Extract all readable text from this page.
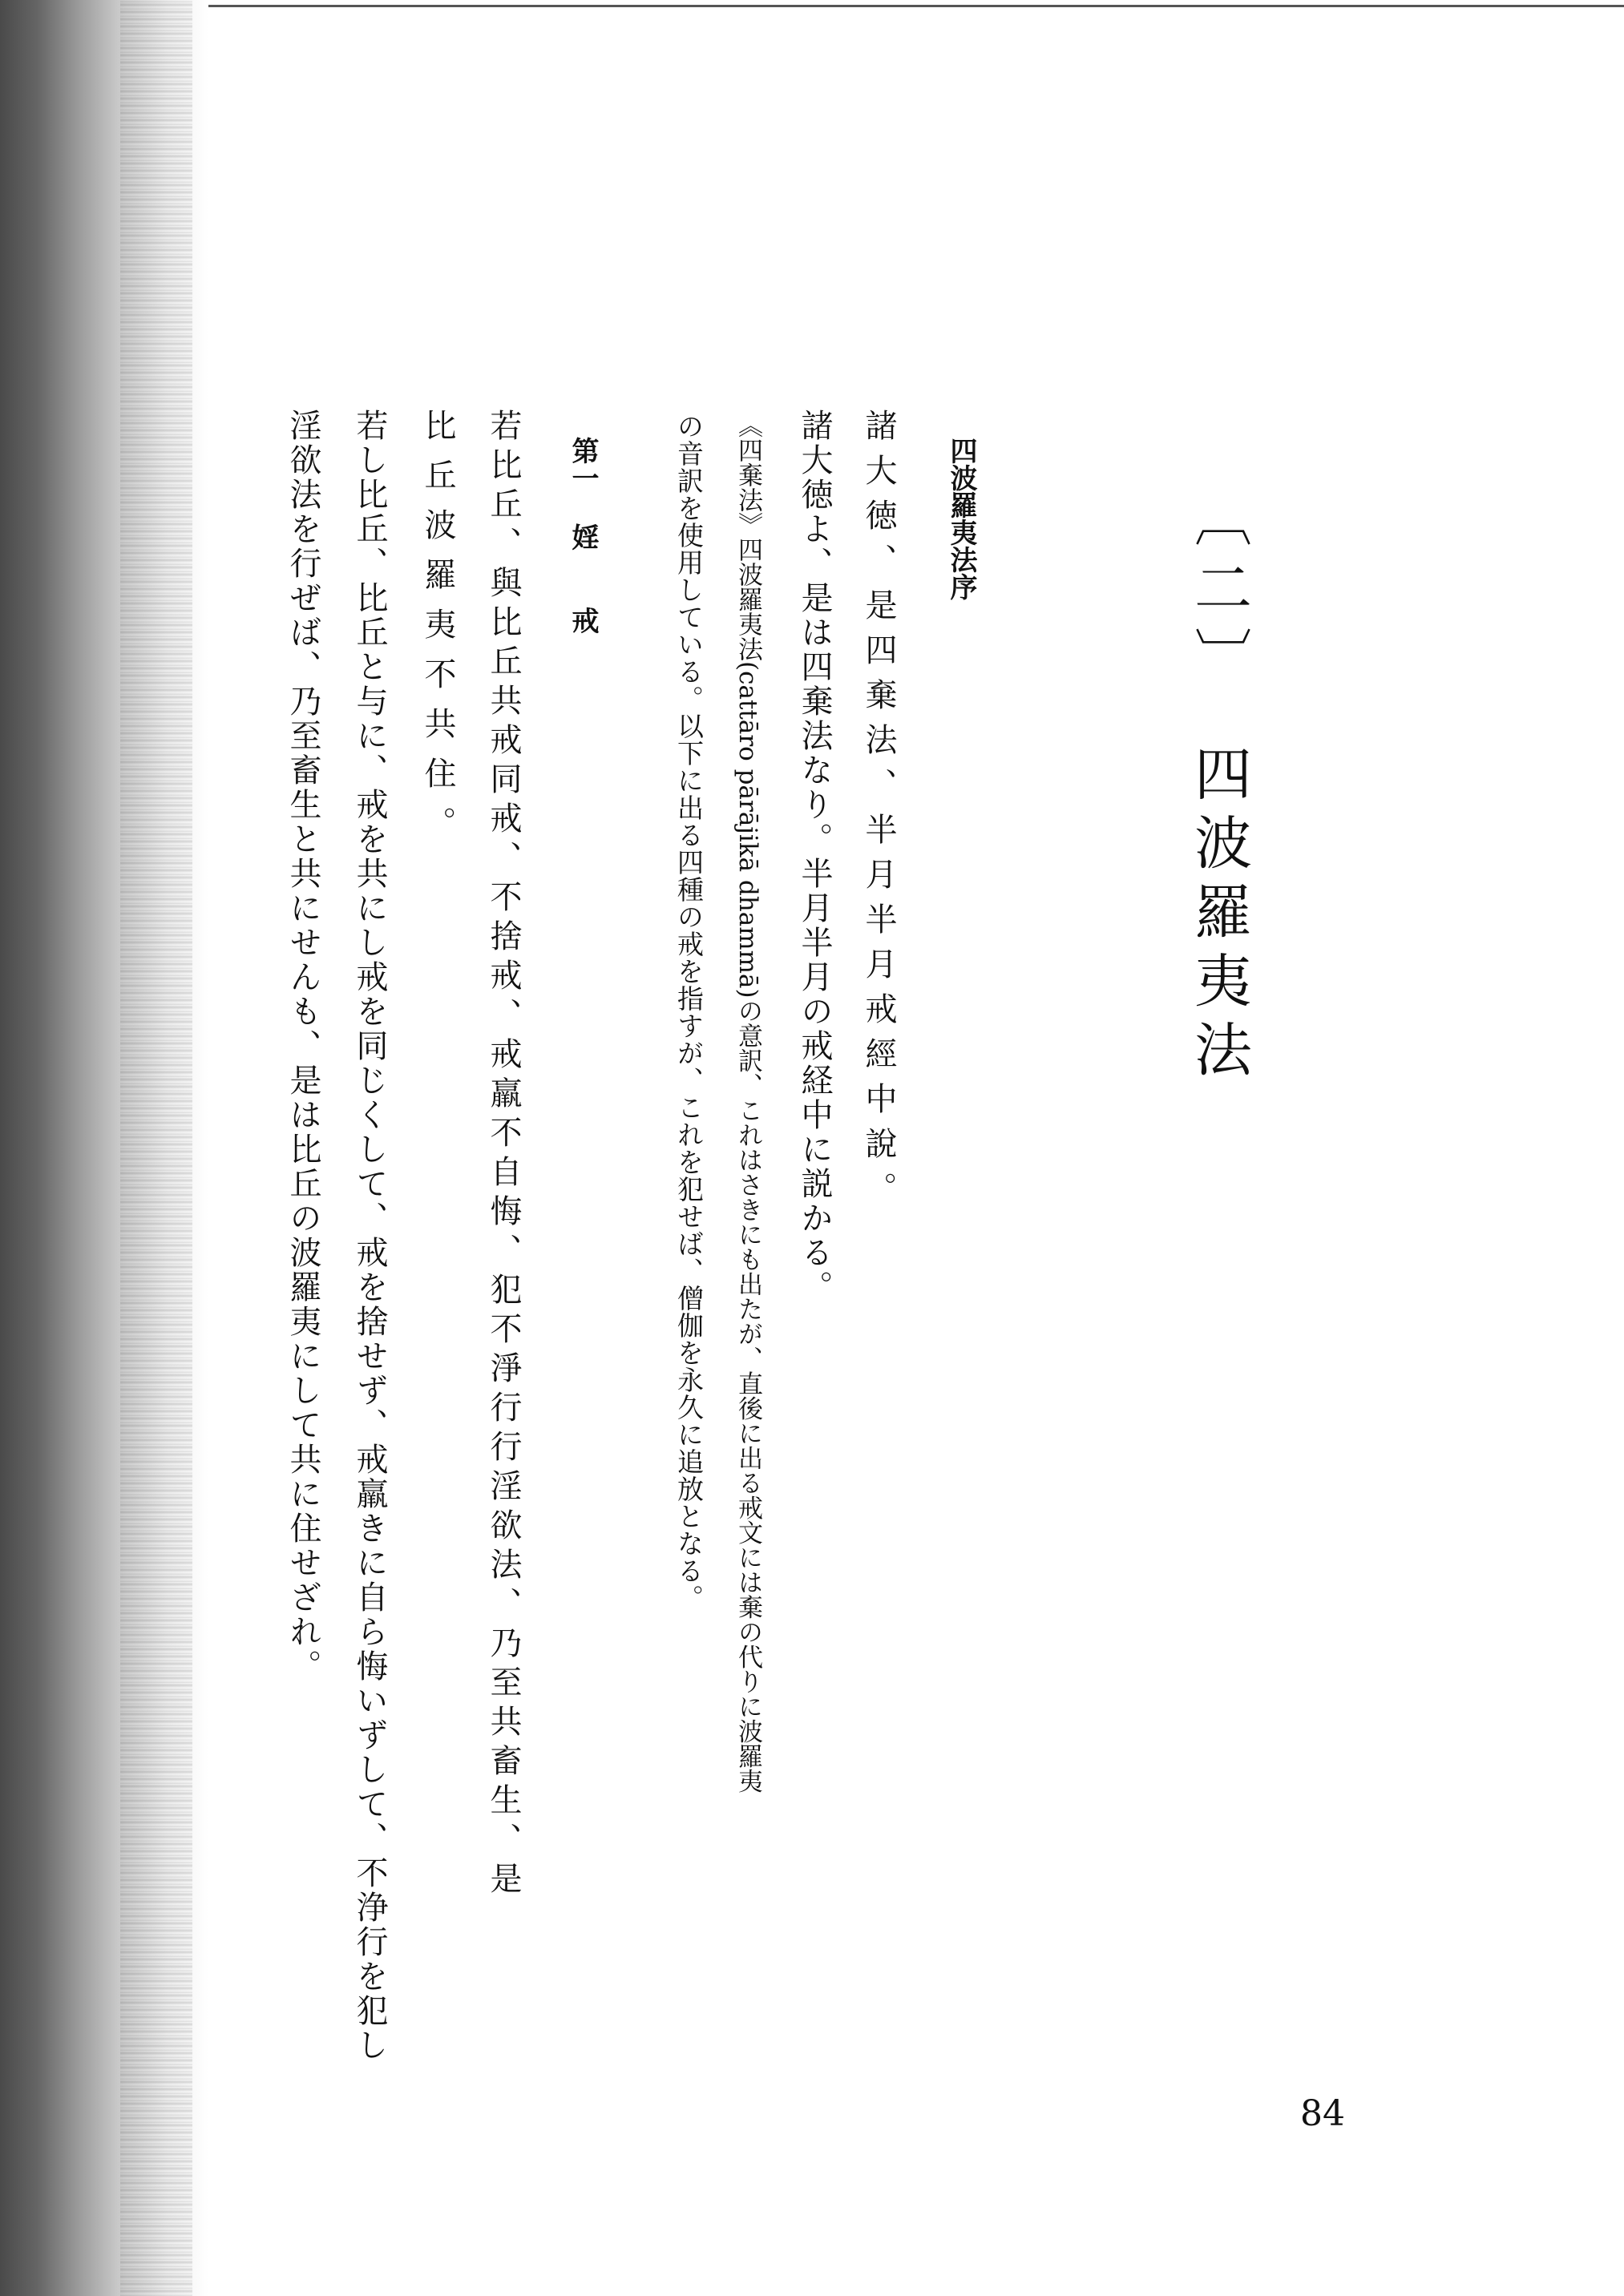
〔二〕四波羅夷法
四波羅夷法序
諸大徳、是四棄法、半月半月戒經中說。
諸大徳よ、是は四棄法なり。半月半月の戒経中に説かる。
《四棄法》四波羅夷法(cattāro pārājikā dhammā)の意訳、これはさきにも出たが、直後に出る戒文には棄の代りに波羅夷
の音訳を使用している。以下に出る四種の戒を指すが、これを犯せば、僧伽を永久に追放となる。
第一婬戒
若比丘、與比丘共戒同戒、不捨戒、戒羸不自悔、犯不淨行行淫欲法、乃至共畜生、是
比丘波羅夷不共住。
若し比丘、比丘と与に、戒を共にし戒を同じくして、戒を捨せず、戒羸きに自ら悔いずして、不浄行を犯し
淫欲法を行ぜば、乃至畜生と共にせんも、是は比丘の波羅夷にして共に住せざれ。
84
